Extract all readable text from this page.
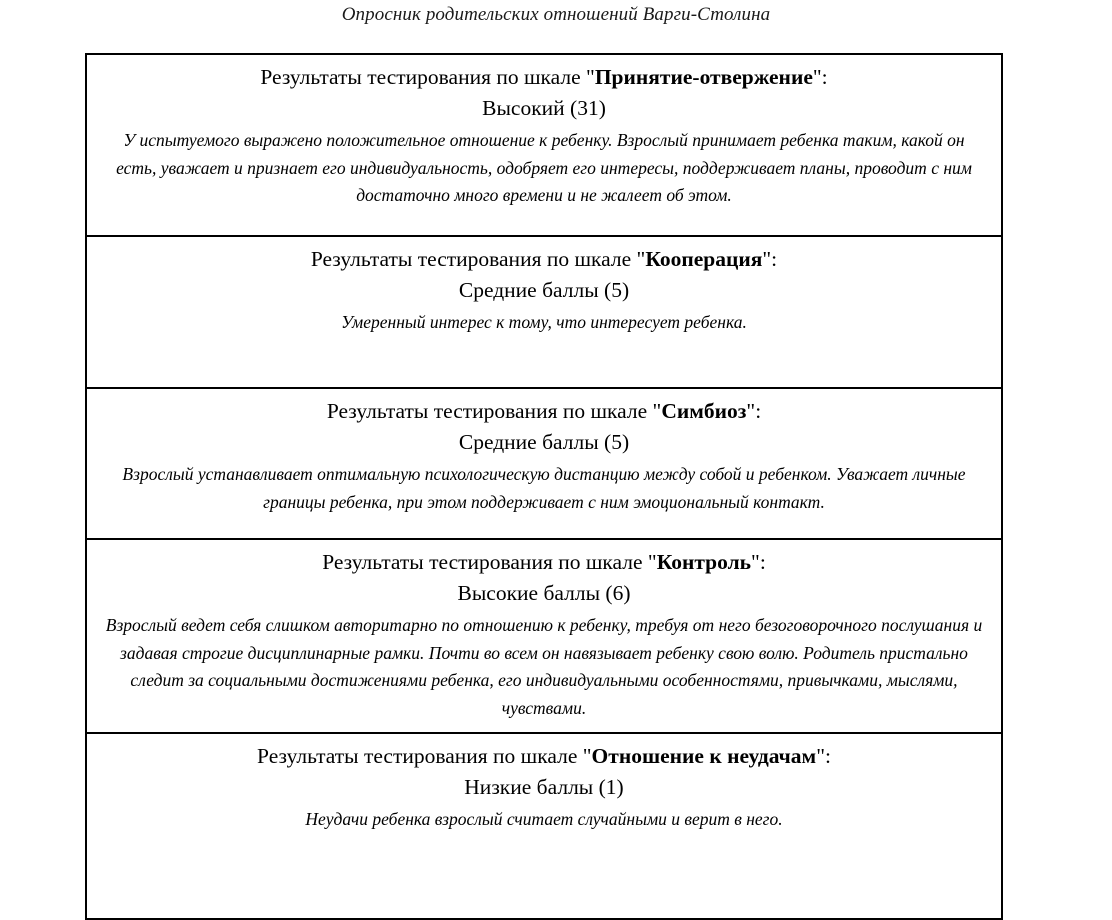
Опросник родительских отношений Варги-Столина
Результаты тестирования по шкале "Принятие-отвержение":
Высокий (31)
У испытуемого выражено положительное отношение к ребенку. Взрослый принимает ребенка таким, какой он есть, уважает и признает его индивидуальность, одобряет его интересы, поддерживает планы, проводит с ним достаточно много времени и не жалеет об этом.

Результаты тестирования по шкале "Кооперация":
Средние баллы (5)
Умеренный интерес к тому, что интересует ребенка.

Результаты тестирования по шкале "Симбиоз":
Средние баллы (5)
Взрослый устанавливает оптимальную психологическую дистанцию между собой и ребенком. Уважает личные границы ребенка, при этом поддерживает с ним эмоциональный контакт.

Результаты тестирования по шкале "Контроль":
Высокие баллы (6)
Взрослый ведет себя слишком авторитарно по отношению к ребенку, требуя от него безоговорочного послушания и задавая строгие дисциплинарные рамки. Почти во всем он навязывает ребенку свою волю. Родитель пристально следит за социальными достижениями ребенка, его индивидуальными особенностями, привычками, мыслями, чувствами.

Результаты тестирования по шкале "Отношение к неудачам":
Низкие баллы (1)
Неудачи ребенка взрослый считает случайными и верит в него.
